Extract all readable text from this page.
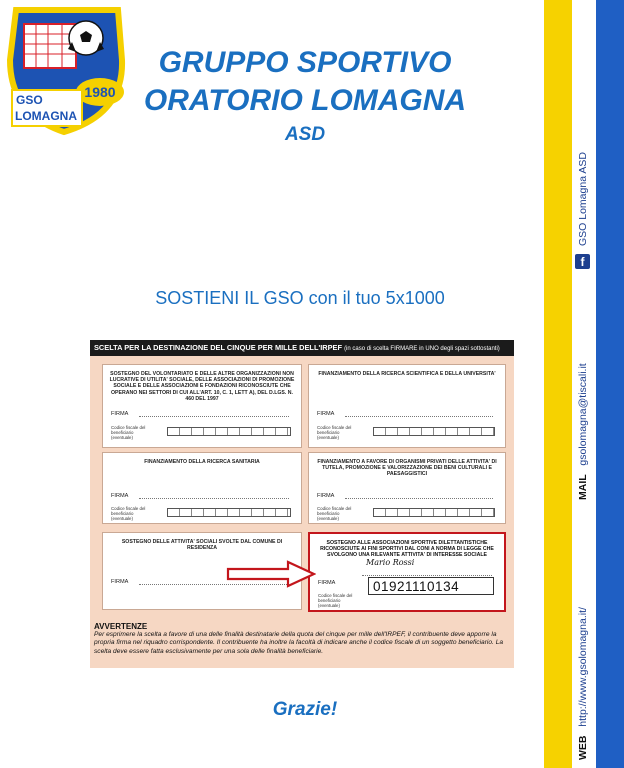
1980
GSO
LOMAGNA
GRUPPO SPORTIVO
ORATORIO LOMAGNA
ASD
SOSTIENI IL GSO con il tuo 5x1000
SCELTA PER LA DESTINAZIONE DEL CINQUE PER MILLE DELL'IRPEF (in caso di scelta FIRMARE in UNO degli spazi sottostanti)
SOSTEGNO DEL VOLONTARIATO E DELLE ALTRE ORGANIZZAZIONI NON LUCRATIVE DI UTILITA' SOCIALE, DELLE ASSOCIAZIONI DI PROMOZIONE SOCIALE E DELLE ASSOCIAZIONI E FONDAZIONI RICONOSCIUTE CHE OPERANO NEI SETTORI DI CUI ALL'ART. 10, C. 1, LETT A), DEL D.LGS. N. 460 DEL 1997
FIRMA
Codice fiscale del beneficiario (eventuale)
FINANZIAMENTO DELLA RICERCA SCIENTIFICA E DELLA UNIVERSITA'
FIRMA
Codice fiscale del beneficiario (eventuale)
FINANZIAMENTO DELLA RICERCA SANITARIA
FIRMA
Codice fiscale del beneficiario (eventuale)
FINANZIAMENTO A FAVORE DI ORGANISMI PRIVATI DELLE ATTIVITA' DI TUTELA, PROMOZIONE E VALORIZZAZIONE DEI BENI CULTURALI E PAESAGGISTICI
FIRMA
Codice fiscale del beneficiario (eventuale)
SOSTEGNO DELLE ATTIVITA' SOCIALI SVOLTE DAL COMUNE DI RESIDENZA
FIRMA
SOSTEGNO ALLE ASSOCIAZIONI SPORTIVE DILETTANTISTICHE RICONOSCIUTE AI FINI SPORTIVI DAL CONI A NORMA DI LEGGE CHE SVOLGONO UNA RILEVANTE ATTIVITA' DI INTERESSE SOCIALE
FIRMA
Mario Rossi
Codice fiscale del beneficiario (eventuale)
01921110134
AVVERTENZE
Per esprimere la scelta a favore di una delle finalità destinatarie della quota del cinque per mille dell'IRPEF, il contribuente deve apporre la propria firma nel riquadro corrispondente. Il contribuente ha inoltre la facoltà di indicare anche il codice fiscale di un soggetto beneficiario. La scelta deve essere fatta esclusivamente per una sola delle finalità beneficiarie.
Grazie!
GSO Lomagna ASD
f
MAIL   gsolomagna@tiscali.it
WEB   http://www.gsolomagna.it/
